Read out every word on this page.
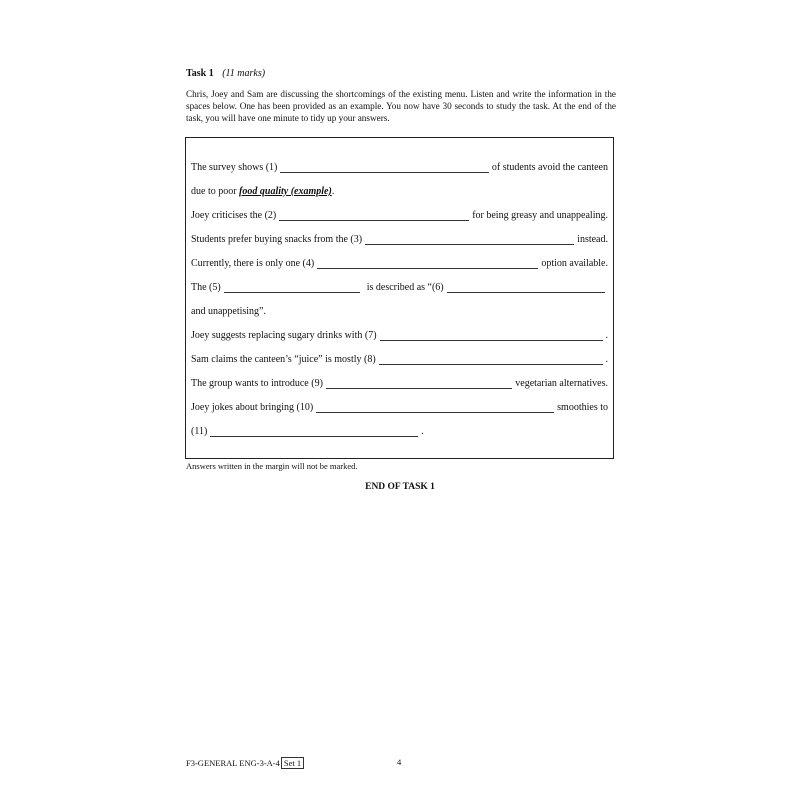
Task 1 (11 marks)
Chris, Joey and Sam are discussing the shortcomings of the existing menu. Listen and write the information in the spaces below. One has been provided as an example. You now have 30 seconds to study the task. At the end of the task, you will have one minute to tidy up your answers.
The survey shows (1)	of students avoid the canteen
due to poor food quality (example) .
Joey criticises the (2)	for being greasy and unappealing.
Students prefer buying snacks from the (3)	instead.
Currently, there is only one (4)	option available.
The (5)	is described as “(6)
and unappetising”.
Joey suggests replacing sugary drinks with (7)	.
Sam claims the canteen’s “juice” is mostly (8)	.
The group wants to introduce (9)	vegetarian alternatives.
Joey jokes about bringing (10)	smoothies to
(11)	.
Answers written in the margin will not be marked.
END OF TASK 1
F3-GENERAL ENG-3-A-4 Set 1	4
